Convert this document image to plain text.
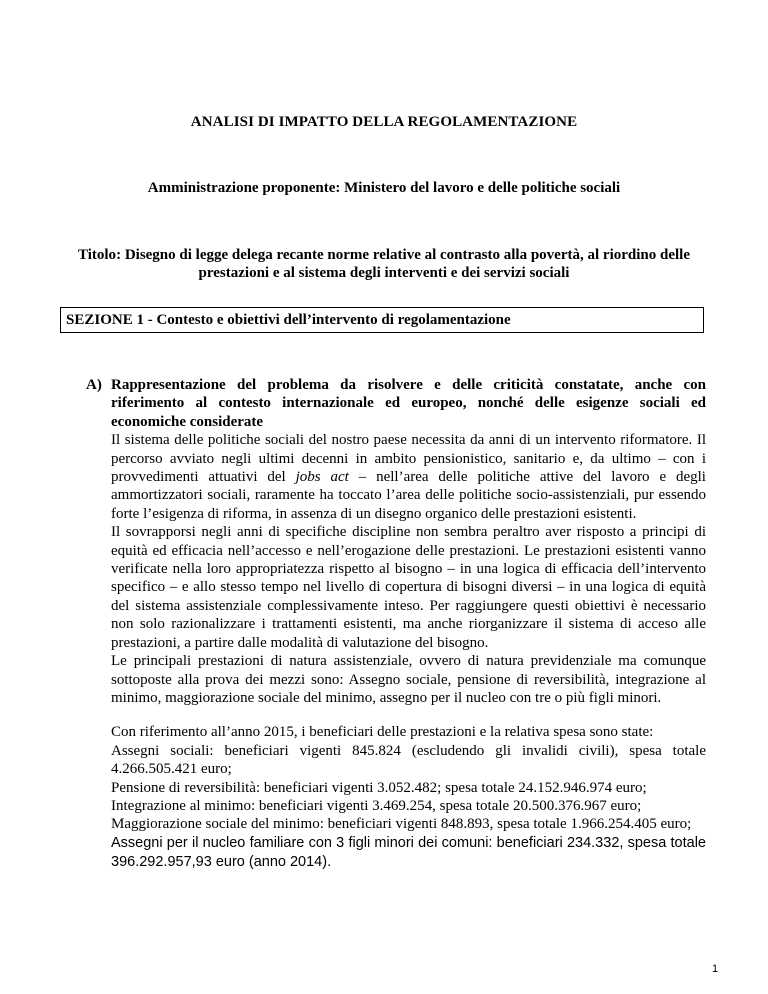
ANALISI DI IMPATTO DELLA REGOLAMENTAZIONE
Amministrazione proponente: Ministero del lavoro e delle politiche sociali
Titolo: Disegno di legge delega recante norme relative al contrasto alla povertà, al riordino delle prestazioni e al sistema degli interventi e dei servizi sociali
SEZIONE 1 - Contesto e obiettivi dell’intervento di regolamentazione
A) Rappresentazione del problema da risolvere e delle criticità constatate, anche con riferimento al contesto internazionale ed europeo, nonché delle esigenze sociali ed economiche considerate

Il sistema delle politiche sociali del nostro paese necessita da anni di un intervento riformatore. Il percorso avviato negli ultimi decenni in ambito pensionistico, sanitario e, da ultimo – con i provvedimenti attuativi del jobs act – nell’area delle politiche attive del lavoro e degli ammortizzatori sociali, raramente ha toccato l’area delle politiche socio-assistenziali, pur essendo forte l’esigenza di riforma, in assenza di un disegno organico delle prestazioni esistenti.

Il sovrapporsi negli anni di specifiche discipline non sembra peraltro aver risposto a principi di equità ed efficacia nell’accesso e nell’erogazione delle prestazioni. Le prestazioni esistenti vanno verificate nella loro appropriatezza rispetto al bisogno – in una logica di efficacia dell’intervento specifico – e allo stesso tempo nel livello di copertura di bisogni diversi – in una logica di equità del sistema assistenziale complessivamente inteso. Per raggiungere questi obiettivi è necessario non solo razionalizzare i trattamenti esistenti, ma anche riorganizzare il sistema di acceso alle prestazioni, a partire dalle modalità di valutazione del bisogno.

Le principali prestazioni di natura assistenziale, ovvero di natura previdenziale ma comunque sottoposte alla prova dei mezzi sono: Assegno sociale, pensione di reversibilità, integrazione al minimo, maggiorazione sociale del minimo, assegno per il nucleo con tre o più figli minori.

Con riferimento all’anno 2015, i beneficiari delle prestazioni e la relativa spesa sono state:

Assegni sociali: beneficiari vigenti 845.824 (escludendo gli invalidi civili), spesa totale 4.266.505.421 euro;

Pensione di reversibilità: beneficiari vigenti 3.052.482; spesa totale 24.152.946.974 euro;

Integrazione al minimo: beneficiari vigenti 3.469.254, spesa totale 20.500.376.967 euro;

Maggiorazione sociale del minimo: beneficiari vigenti 848.893, spesa totale 1.966.254.405 euro;

Assegni per il nucleo familiare con 3 figli minori dei comuni: beneficiari 234.332, spesa totale 396.292.957,93 euro (anno 2014).

1
